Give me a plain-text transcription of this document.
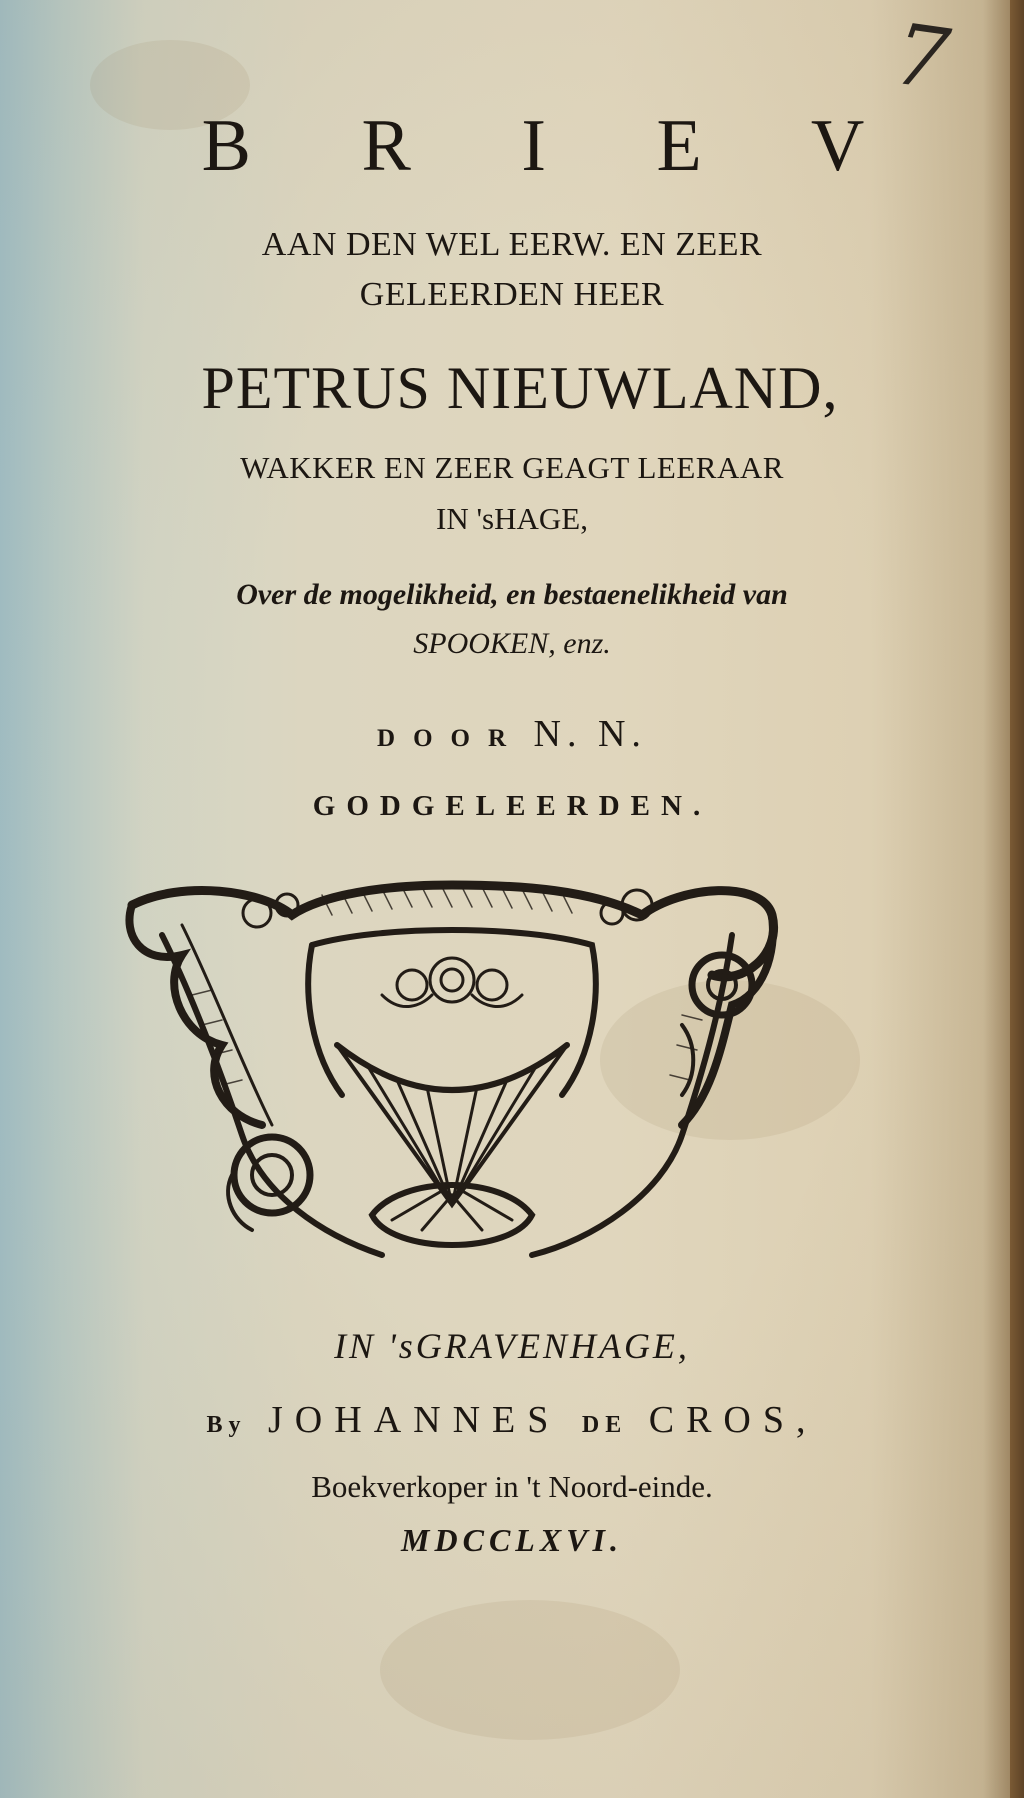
7
B R I E V
AAN DEN WEL EERW. EN ZEER
GELEERDEN HEER
PETRUS NIEUWLAND,
WAKKER EN ZEER GEAGT LEERAAR
IN 'sHAGE,
Over de mogelikheid, en bestaenelikheid van
SPOOKEN, enz.
DOOR N. N.
GODGELEERDEN.
IN 'sGRAVENHAGE,
By JOHANNES DE CROS,
Boekverkoper in 't Noord-einde.
MDCCLXVI.
